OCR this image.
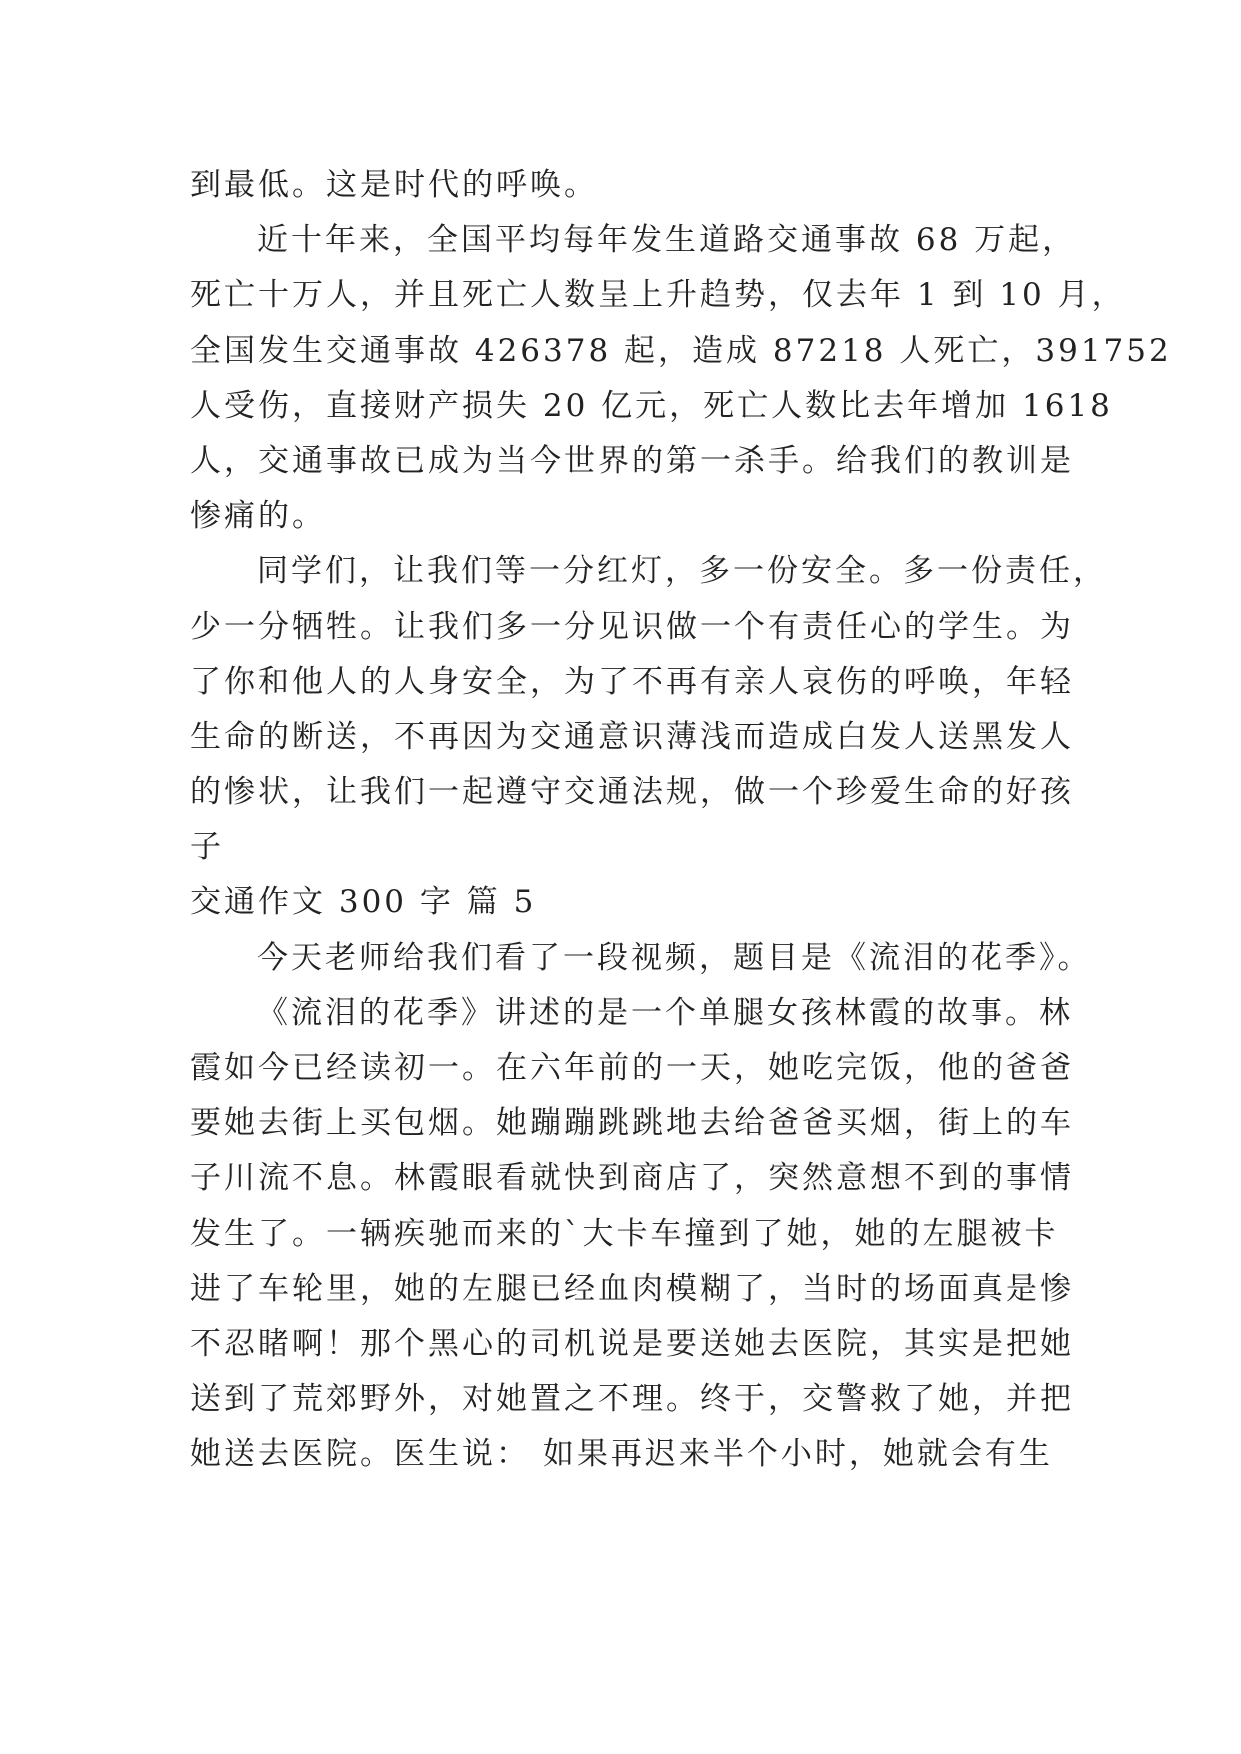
到最低。这是时代的呼唤。
近十年来，全国平均每年发生道路交通事故 68 万起，
死亡十万人，并且死亡人数呈上升趋势，仅去年 1 到 10 月，
全国发生交通事故 426378 起，造成 87218 人死亡，391752
人受伤，直接财产损失 20 亿元，死亡人数比去年增加 1618
人，交通事故已成为当今世界的第一杀手。给我们的教训是
惨痛的。
同学们，让我们等一分红灯，多一份安全。多一份责任，
少一分牺牲。让我们多一分见识做一个有责任心的学生。为
了你和他人的人身安全，为了不再有亲人哀伤的呼唤，年轻
生命的断送，不再因为交通意识薄浅而造成白发人送黑发人
的惨状，让我们一起遵守交通法规，做一个珍爱生命的好孩
子
交通作文 300 字 篇 5
今天老师给我们看了一段视频，题目是《流泪的花季》。
《流泪的花季》讲述的是一个单腿女孩林霞的故事。林
霞如今已经读初一。在六年前的一天，她吃完饭，他的爸爸
要她去街上买包烟。她蹦蹦跳跳地去给爸爸买烟，街上的车
子川流不息。林霞眼看就快到商店了，突然意想不到的事情
发生了。一辆疾驰而来的`大卡车撞到了她，她的左腿被卡
进了车轮里，她的左腿已经血肉模糊了，当时的场面真是惨
不忍睹啊！那个黑心的司机说是要送她去医院，其实是把她
送到了荒郊野外，对她置之不理。终于，交警救了她，并把
她送去医院。医生说： 如果再迟来半个小时，她就会有生
